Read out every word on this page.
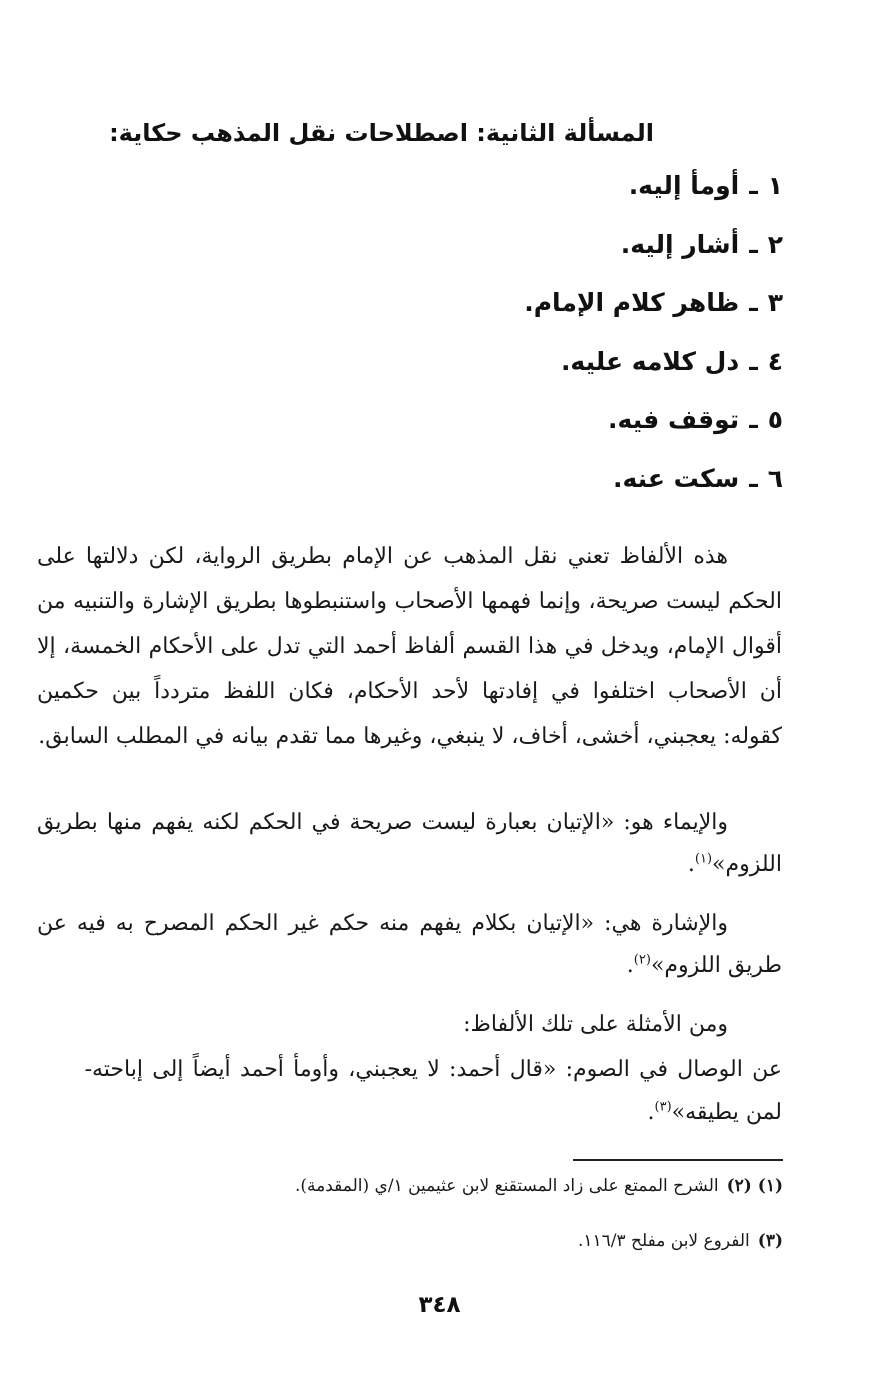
المسألة الثانية: اصطلاحات نقل المذهب حكاية:
١ـأومأ إليه.
٢ـأشار إليه.
٣ـظاهر كلام الإمام.
٤ـدل كلامه عليه.
٥ـتوقف فيه.
٦ـسكت عنه.

هذه الألفاظ تعني نقل المذهب عن الإمام بطريق الرواية، لكن دلالتها على الحكم ليست صريحة، وإنما فهمها الأصحاب واستنبطوها بطريق الإشارة والتنبيه من أقوال الإمام، ويدخل في هذا القسم ألفاظ أحمد التي تدل على الأحكام الخمسة، إلا أن الأصحاب اختلفوا في إفادتها لأحد الأحكام، فكان اللفظ متردداً بين حكمين كقوله: يعجبني، أخشى، أخاف، لا ينبغي، وغيرها مما تقدم بيانه في المطلب السابق.

والإيماء هو: «الإتيان بعبارة ليست صريحة في الحكم لكنه يفهم منها بطريق اللزوم»$^{(١)}$.

والإشارة هي: «الإتيان بكلام يفهم منه حكم غير الحكم المصرح به فيه عن طريق اللزوم»$^{(٢)}$.

ومن الأمثلة على تلك الألفاظ:

عن الوصال في الصوم: «قال أحمد: لا يعجبني، وأومأ أحمد أيضاً إلى إباحته لمن يطيقه»$^{(٣)}$.
-
(١) (٢)الشرح الممتع على زاد المستقنع لابن عثيمين ١/ي (المقدمة).
(٣)الفروع لابن مفلح ١١٦/٣.
٣٤٨
